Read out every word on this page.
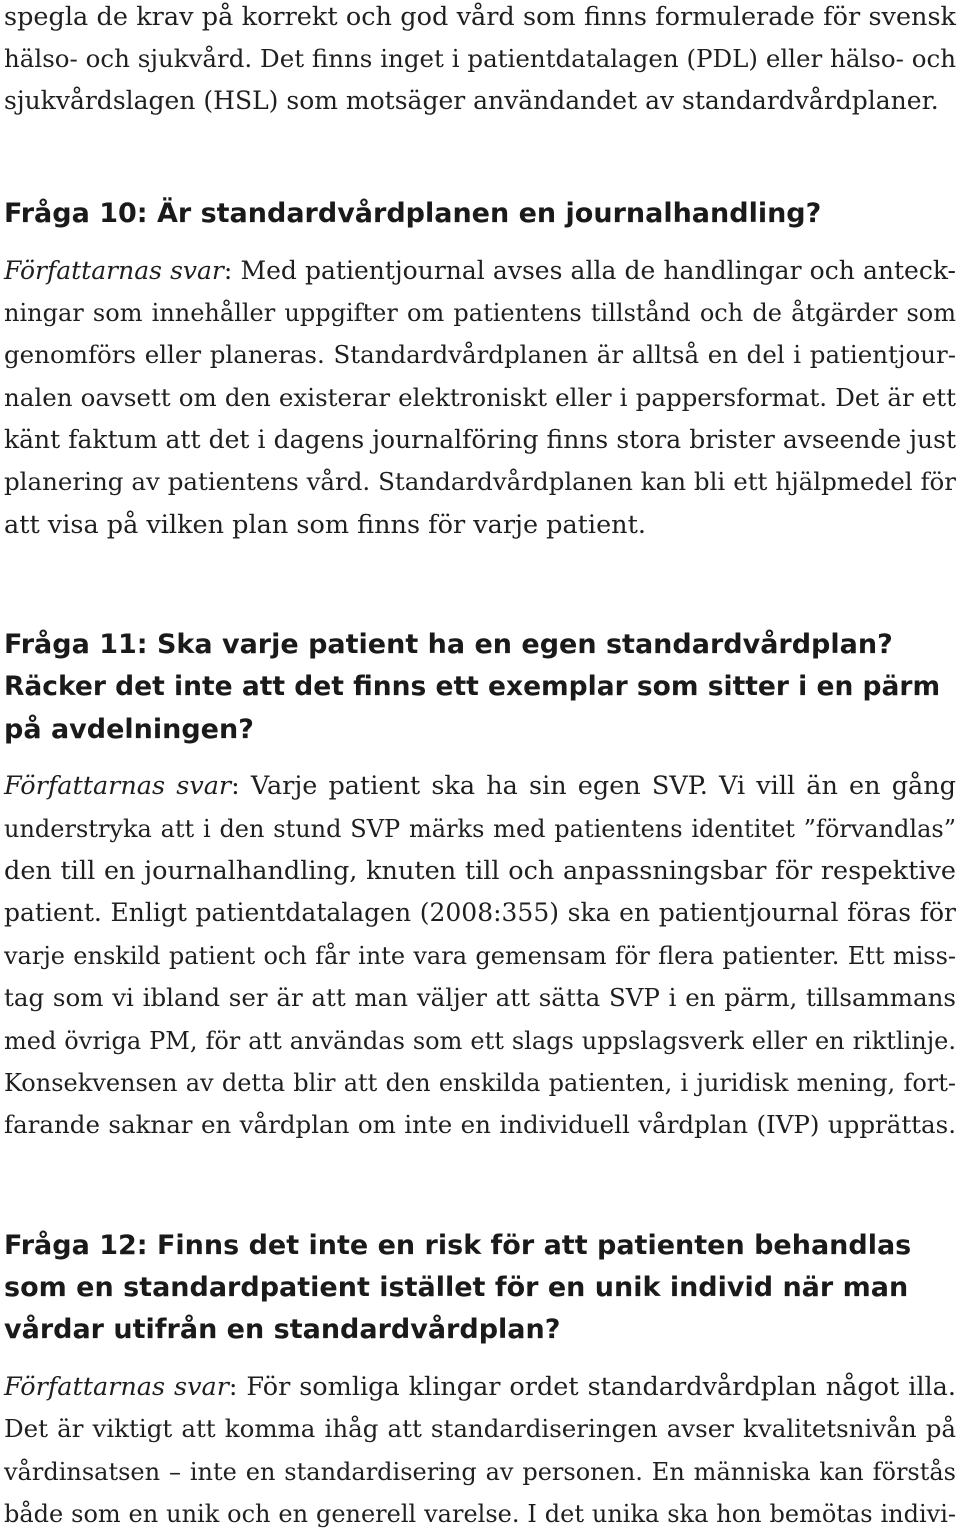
spegla de krav på korrekt och god vård som finns formulerade för svensk
hälso- och sjukvård. Det finns inget i patientdatalagen (PDL) eller hälso- och
sjukvårdslagen (HSL) som motsäger användandet av standardvårdplaner.
Fråga 10: Är standardvårdplanen en journalhandling?
Författarnas svar: Med patientjournal avses alla de handlingar och anteck-
ningar som innehåller uppgifter om patientens tillstånd och de åtgärder som
genomförs eller planeras. Standardvårdplanen är alltså en del i patientjour-
nalen oavsett om den existerar elektroniskt eller i pappersformat. Det är ett
känt faktum att det i dagens journalföring finns stora brister avseende just
planering av patientens vård. Standardvårdplanen kan bli ett hjälpmedel för
att visa på vilken plan som finns för varje patient.
Fråga 11: Ska varje patient ha en egen standardvårdplan?
Räcker det inte att det finns ett exemplar som sitter i en pärm
på avdelningen?
Författarnas svar: Varje patient ska ha sin egen SVP. Vi vill än en gång
understryka att i den stund SVP märks med patientens identitet ”förvandlas”
den till en journalhandling, knuten till och anpassningsbar för respektive
patient. Enligt patientdatalagen (2008:355) ska en patientjournal föras för
varje enskild patient och får inte vara gemensam för flera patienter. Ett miss-
tag som vi ibland ser är att man väljer att sätta SVP i en pärm, tillsammans
med övriga PM, för att användas som ett slags uppslagsverk eller en riktlinje.
Konsekvensen av detta blir att den enskilda patienten, i juridisk mening, fort-
farande saknar en vårdplan om inte en individuell vårdplan (IVP) upprättas.
Fråga 12: Finns det inte en risk för att patienten behandlas
som en standardpatient istället för en unik individ när man
vårdar utifrån en standardvårdplan?
Författarnas svar: För somliga klingar ordet standardvårdplan något illa.
Det är viktigt att komma ihåg att standardiseringen avser kvalitetsnivån på
vårdinsatsen – inte en standardisering av personen. En människa kan förstås
både som en unik och en generell varelse. I det unika ska hon bemötas indivi-
